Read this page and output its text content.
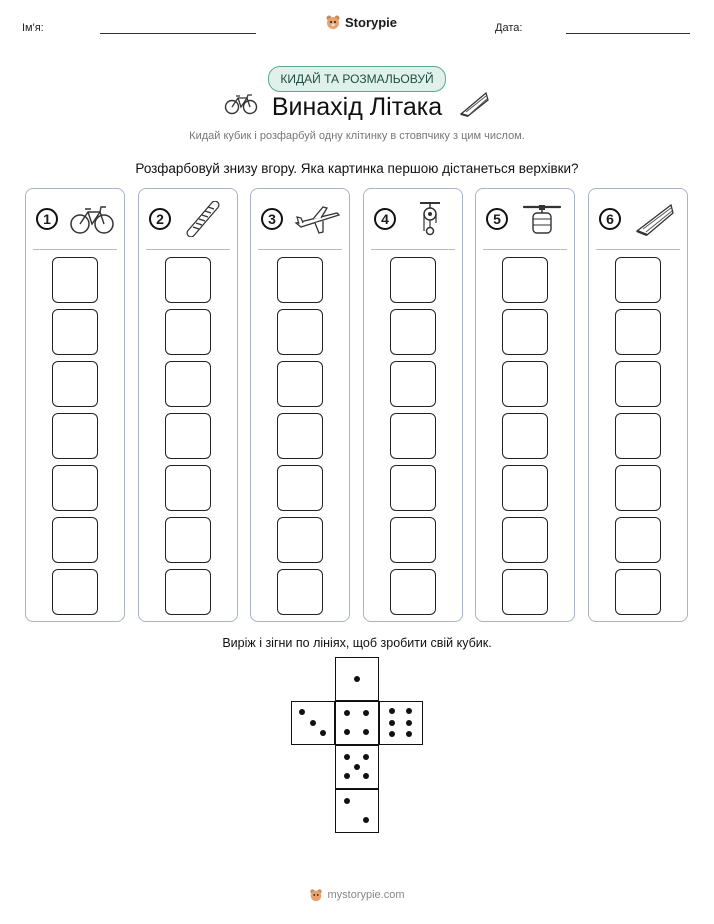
Ім'я:	Storypie	Дата:
КИДАЙ ТА РОЗМАЛЬОВУЙ
Винахід Літака
Кидай кубик і розфарбуй одну клітинку в стовпчику з цим числом.
Розфарбовуй знизу вгору. Яка картинка першою дістанеться верхівки?
1	2	3	4	5	6
Виріж і зігни по лініях, щоб зробити свій кубик.
mystorypie.com
